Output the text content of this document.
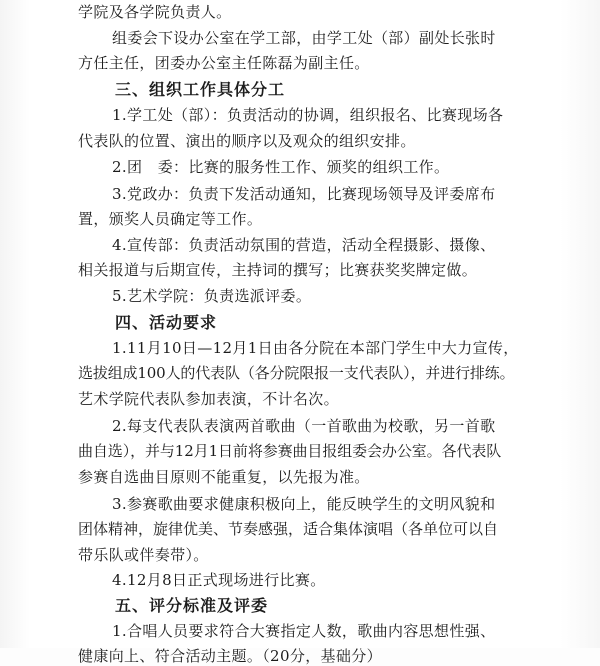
学院及各学院负责人。
组委会下设办公室在学工部，由学工处（部）副处长张时
方任主任，团委办公室主任陈磊为副主任。
三、组织工作具体分工
1.学工处（部）：负责活动的协调，组织报名、比赛现场各
代表队的位置、演出的顺序以及观众的组织安排。
2.团　委：比赛的服务性工作、颁奖的组织工作。
3.党政办：负责下发活动通知，比赛现场领导及评委席布
置，颁奖人员确定等工作。
4.宣传部：负责活动氛围的营造，活动全程摄影、摄像、
相关报道与后期宣传，主持词的撰写；比赛获奖奖牌定做。
5.艺术学院：负责选派评委。
四、活动要求
1.11月10日—12月1日由各分院在本部门学生中大力宣传，
选拔组成100人的代表队（各分院限报一支代表队），并进行排练。
艺术学院代表队参加表演，不计名次。
2.每支代表队表演两首歌曲（一首歌曲为校歌，另一首歌
曲自选），并与12月1日前将参赛曲目报组委会办公室。各代表队
参赛自选曲目原则不能重复，以先报为准。
3.参赛歌曲要求健康积极向上，能反映学生的文明风貌和
团体精神，旋律优美、节奏感强，适合集体演唱（各单位可以自
带乐队或伴奏带）。
4.12月8日正式现场进行比赛。
五、评分标准及评委
1.合唱人员要求符合大赛指定人数，歌曲内容思想性强、
健康向上、符合活动主题。（20分，基础分）
